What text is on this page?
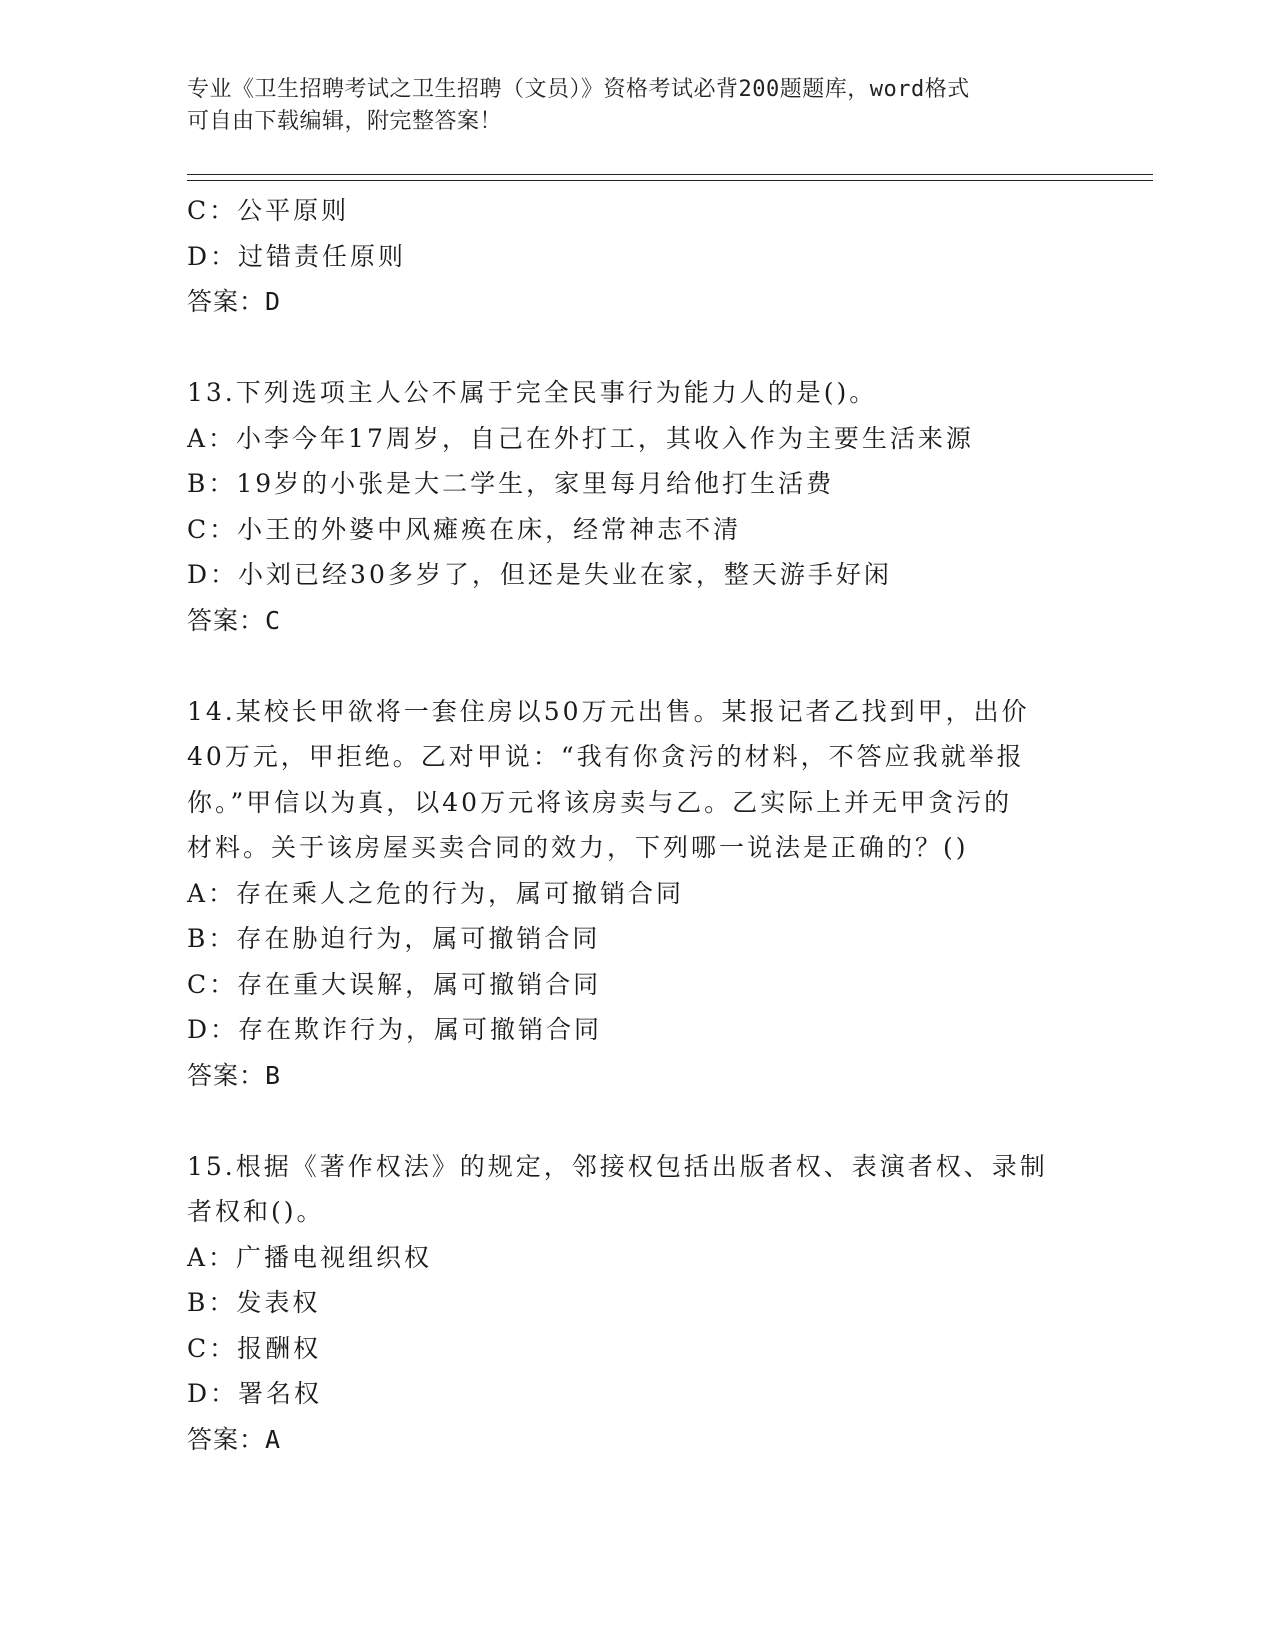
专业《卫生招聘考试之卫生招聘（文员）》资格考试必背200题题库，word格式
可自由下载编辑，附完整答案！
C：公平原则
D：过错责任原则
答案：D
13.下列选项主人公不属于完全民事行为能力人的是()。
A：小李今年17周岁，自己在外打工，其收入作为主要生活来源
B：19岁的小张是大二学生，家里每月给他打生活费
C：小王的外婆中风瘫痪在床，经常神志不清
D：小刘已经30多岁了，但还是失业在家，整天游手好闲
答案：C
14.某校长甲欲将一套住房以50万元出售。某报记者乙找到甲，出价
40万元，甲拒绝。乙对甲说：“我有你贪污的材料，不答应我就举报
你。”甲信以为真，以40万元将该房卖与乙。乙实际上并无甲贪污的
材料。关于该房屋买卖合同的效力，下列哪一说法是正确的？()
A：存在乘人之危的行为，属可撤销合同
B：存在胁迫行为，属可撤销合同
C：存在重大误解，属可撤销合同
D：存在欺诈行为，属可撤销合同
答案：B
15.根据《著作权法》的规定，邻接权包括出版者权、表演者权、录制
者权和()。
A：广播电视组织权
B：发表权
C：报酬权
D：署名权
答案：A
